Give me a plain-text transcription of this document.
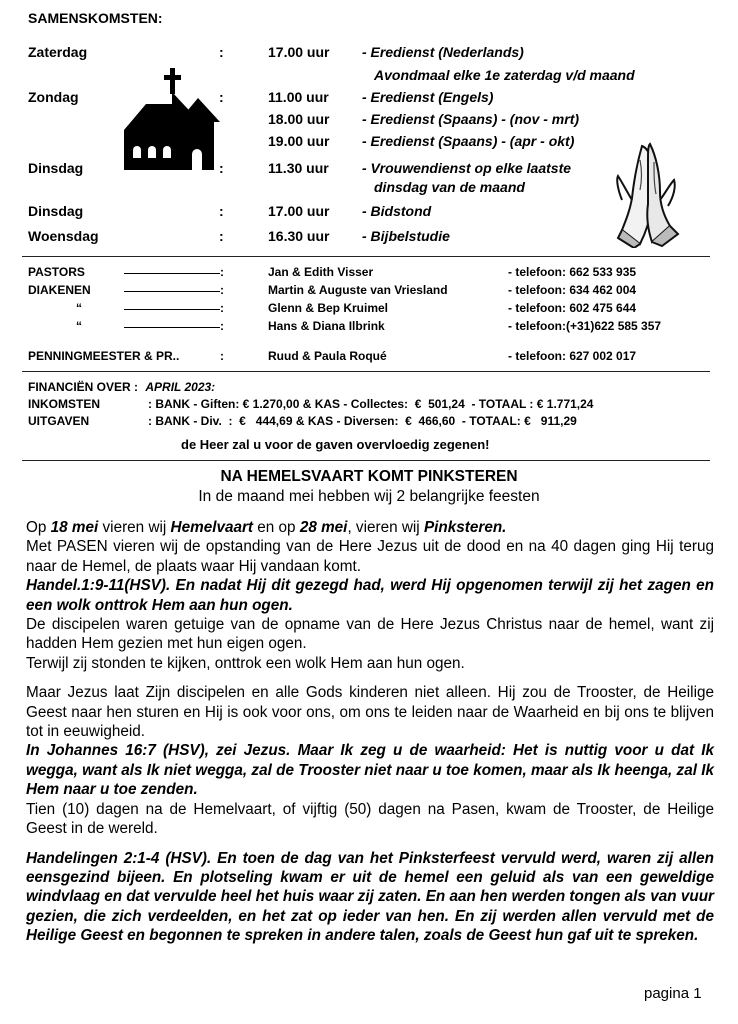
SAMENSKOMSTEN:
Zaterdag	:	17.00 uur - Eredienst (Nederlands)
Avondmaal elke 1e zaterdag v/d maand
Zondag	:	11.00 uur - Eredienst (Engels)
18.00 uur - Eredienst (Spaans) - (nov - mrt)
19.00 uur - Eredienst (Spaans) - (apr - okt)
Dinsdag	:	11.30 uur - Vrouwendienst op elke laatste
dinsdag van de maand
Dinsdag	:	17.00 uur - Bidstond
Woensdag	:	16.30 uur - Bijbelstudie
PASTORS	:	Jan & Edith Visser	- telefoon: 662 533 935
DIAKENEN	:	Martin & Auguste van Vriesland	- telefoon: 634 462 004
“	:	Glenn & Bep Kruimel	- telefoon: 602 475 644
“	:	Hans & Diana Ilbrink	- telefoon:(+31)622 585 357
PENNINGMEESTER & PR..	:	Ruud & Paula Roqué	- telefoon: 627 002 017
FINANCIËN OVER : APRIL 2023:
INKOMSTEN	: BANK - Giften: € 1.270,00 & KAS - Collectes:  €  501,24  - TOTAAL : € 1.771,24
UITGAVEN	: BANK - Div.  :  €   444,69 & KAS - Diversen:  €  466,60  - TOTAAL: €   911,29
de Heer zal u voor de gaven overvloedig zegenen!
NA HEMELSVAART KOMT PINKSTEREN
In de maand mei hebben wij 2 belangrijke feesten

Op 18 mei vieren wij Hemelvaart en op 28 mei, vieren wij Pinksteren.

Met PASEN vieren wij de opstanding van de Here Jezus uit de dood en na 40 dagen ging Hij terug naar de Hemel, de plaats waar Hij vandaan komt.

Handel.1:9-11(HSV). En nadat Hij dit gezegd had, werd Hij opgenomen terwijl zij het zagen en een wolk onttrok Hem aan hun ogen.

De discipelen waren getuige van de opname van de Here Jezus Christus naar de hemel, want zij hadden Hem gezien met hun eigen ogen.

Terwijl zij stonden te kijken, onttrok een wolk Hem aan hun ogen.

Maar Jezus laat Zijn discipelen en alle Gods kinderen niet alleen. Hij zou de Trooster, de Heilige Geest naar hen sturen en Hij is ook voor ons, om ons te leiden naar de Waarheid en bij ons te blijven tot in eeuwigheid.

In Johannes 16:7 (HSV), zei Jezus. Maar Ik zeg u de waarheid: Het is nuttig voor u dat Ik wegga, want als Ik niet wegga, zal de Trooster niet naar u toe komen, maar als Ik heenga, zal Ik Hem naar u toe zenden.

Tien (10) dagen na de Hemelvaart, of vijftig (50) dagen na Pasen, kwam de Trooster, de Heilige Geest in de wereld.

Handelingen 2:1-4 (HSV). En toen de dag van het Pinksterfeest vervuld werd, waren zij allen eensgezind bijeen. En plotseling kwam er uit de hemel een geluid als van een geweldige windvlaag en dat vervulde heel het huis waar zij zaten. En aan hen werden tongen als van vuur gezien, die zich verdeelden, en het zat op ieder van hen. En zij werden allen vervuld met de Heilige Geest en begonnen te spreken in andere talen, zoals de Geest hun gaf uit te spreken.

pagina 1
